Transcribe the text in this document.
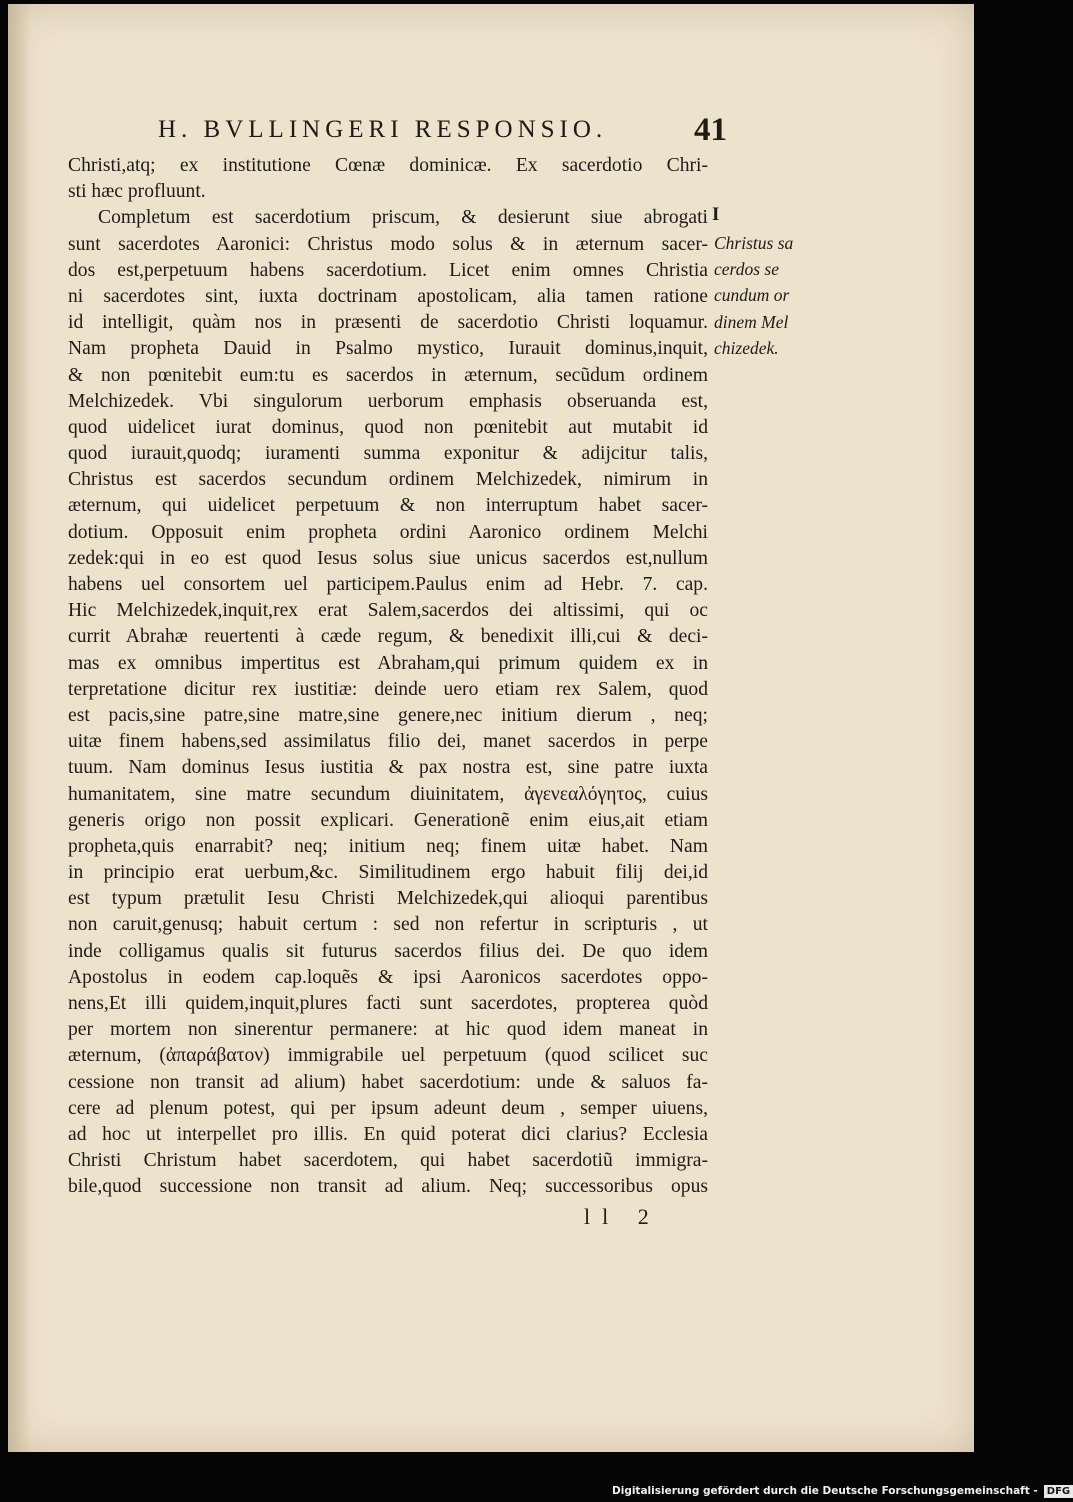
H. BVLLINGERI RESPONSIO.	41
Christi,atq; ex institutione Cœnæ dominicæ. Ex sacerdotio Chri-
sti hæc profluunt.
Completum est sacerdotium priscum, & desierunt siue abrogati
sunt sacerdotes Aaronici: Christus modo solus & in æternum sacer-
dos est,perpetuum habens sacerdotium. Licet enim omnes Christia
ni sacerdotes sint, iuxta doctrinam apostolicam, alia tamen ratione
id intelligit, quàm nos in præsenti de sacerdotio Christi loquamur.
Nam propheta Dauid in Psalmo mystico, Iurauit dominus,inquit,
& non pœnitebit eum:tu es sacerdos in æternum, secũdum ordinem
Melchizedek. Vbi singulorum uerborum emphasis obseruanda est,
quod uidelicet iurat dominus, quod non pœnitebit aut mutabit id
quod iurauit,quodq; iuramenti summa exponitur & adijcitur talis,
Christus est sacerdos secundum ordinem Melchizedek, nimirum in
æternum, qui uidelicet perpetuum & non interruptum habet sacer-
dotium. Opposuit enim propheta ordini Aaronico ordinem Melchi
zedek:qui in eo est quod Iesus solus siue unicus sacerdos est,nullum
habens uel consortem uel participem.Paulus enim ad Hebr. 7. cap.
Hic Melchizedek,inquit,rex erat Salem,sacerdos dei altissimi, qui oc
currit Abrahæ reuertenti à cæde regum, & benedixit illi,cui & deci-
mas ex omnibus impertitus est Abraham,qui primum quidem ex in
terpretatione dicitur rex iustitiæ: deinde uero etiam rex Salem, quod
est pacis,sine patre,sine matre,sine genere,nec initium dierum , neq;
uitæ finem habens,sed assimilatus filio dei, manet sacerdos in perpe
tuum. Nam dominus Iesus iustitia & pax nostra est, sine patre iuxta
humanitatem, sine matre secundum diuinitatem, ἀγενεαλόγητος, cuius
generis origo non possit explicari. Generationẽ enim eius,ait etiam
propheta,quis enarrabit? neq; initium neq; finem uitæ habet. Nam
in principio erat uerbum,&c. Similitudinem ergo habuit filij dei,id
est typum prætulit Iesu Christi Melchizedek,qui alioqui parentibus
non caruit,genusq; habuit certum : sed non refertur in scripturis , ut
inde colligamus qualis sit futurus sacerdos filius dei. De quo idem
Apostolus in eodem cap.loquẽs & ipsi Aaronicos sacerdotes oppo-
nens,Et illi quidem,inquit,plures facti sunt sacerdotes, propterea quòd
per mortem non sinerentur permanere: at hic quod idem maneat in
æternum, (ἀπαράβατον) immigrabile uel perpetuum (quod scilicet suc
cessione non transit ad alium) habet sacerdotium: unde & saluos fa-
cere ad plenum potest, qui per ipsum adeunt deum , semper uiuens,
ad hoc ut interpellet pro illis. En quid poterat dici clarius? Ecclesia
Christi Christum habet sacerdotem, qui habet sacerdotiũ immigra-
bile,quod successione non transit ad alium. Neq; successoribus opus
I
Christus sa
cerdos se
cundum or
dinem Mel
chizedek.
ll 2
Digitalisierung gefördert durch die Deutsche Forschungsgemeinschaft - DFG
